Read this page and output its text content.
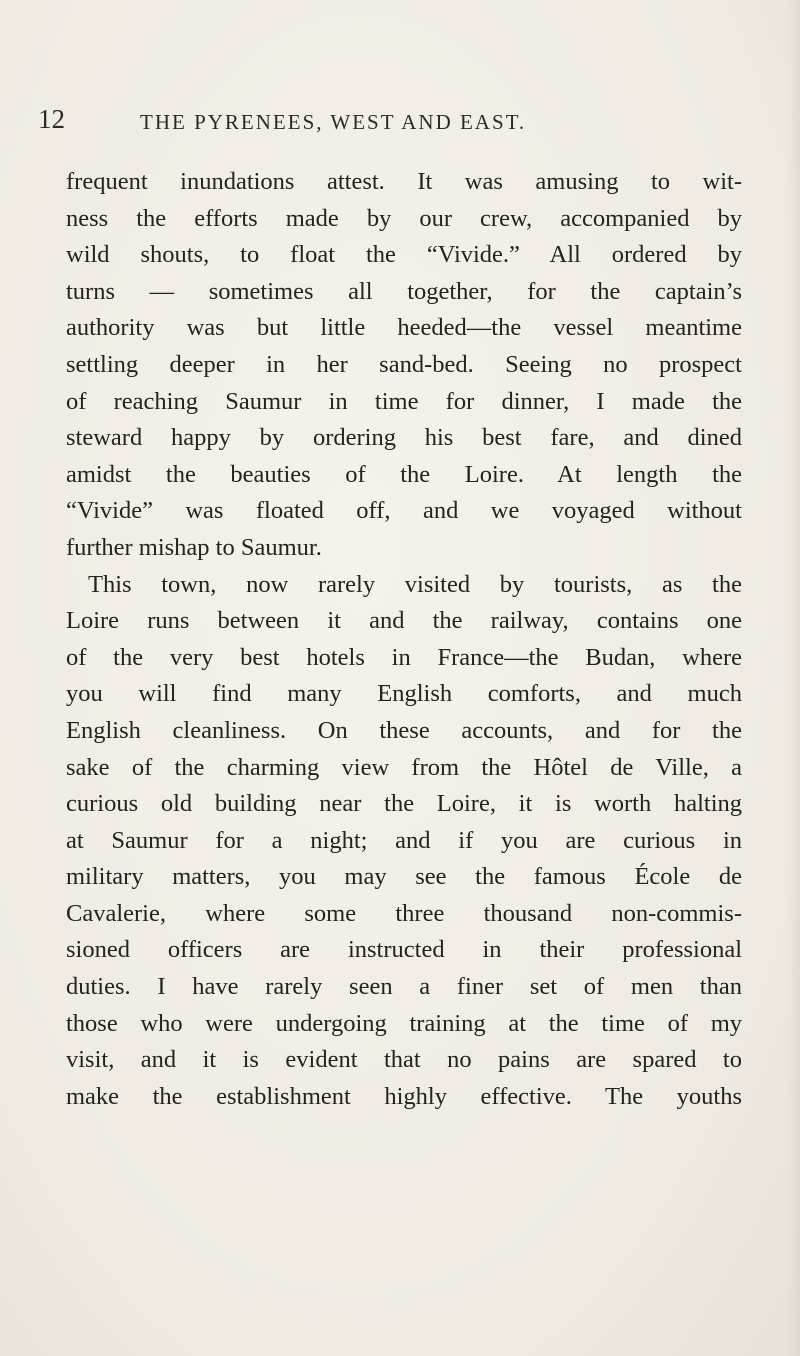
12	THE PYRENEES, WEST AND EAST.
frequent inundations attest. It was amusing to wit-
ness the efforts made by our crew, accompanied by
wild shouts, to float the “Vivide.” All ordered by
turns — sometimes all together, for the captain’s
authority was but little heeded—the vessel meantime
settling deeper in her sand-bed. Seeing no prospect
of reaching Saumur in time for dinner, I made the
steward happy by ordering his best fare, and dined
amidst the beauties of the Loire. At length the
“Vivide” was floated off, and we voyaged without
further mishap to Saumur.
This town, now rarely visited by tourists, as the
Loire runs between it and the railway, contains one
of the very best hotels in France—the Budan, where
you will find many English comforts, and much
English cleanliness. On these accounts, and for the
sake of the charming view from the Hôtel de Ville, a
curious old building near the Loire, it is worth halting
at Saumur for a night; and if you are curious in
military matters, you may see the famous École de
Cavalerie, where some three thousand non-commis-
sioned officers are instructed in their professional
duties. I have rarely seen a finer set of men than
those who were undergoing training at the time of my
visit, and it is evident that no pains are spared to
make the establishment highly effective. The youths
